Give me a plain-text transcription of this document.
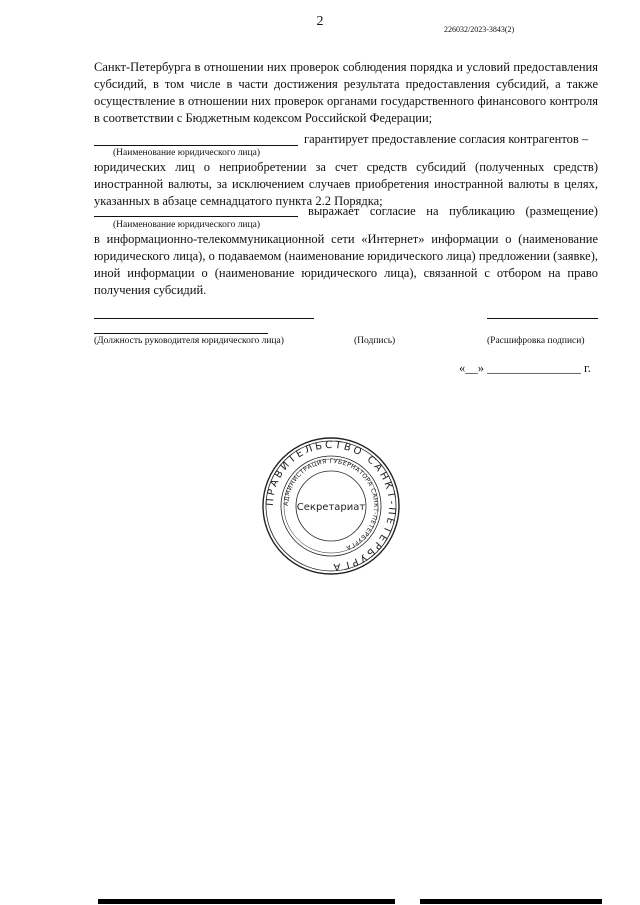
2
226032/2023-3843(2)

Санкт-Петербурга в отношении них проверок соблюдения порядка и условий предоставления субсидий, в том числе в части достижения результата предоставления субсидий, а также осуществление в отношении них проверок органами государственного финансового контроля в соответствии с Бюджетным кодексом Российской Федерации;

гарантирует предоставление согласия контрагентов –
(Наименование юридического лица)

юридических лиц о неприобретении за счет средств субсидий (полученных средств) иностранной валюты, за исключением случаев приобретения иностранной валюты в целях, указанных в абзаце семнадцатого пункта 2.2 Порядка;

выражает согласие на публикацию (размещение)
(Наименование юридического лица)

в информационно-телекоммуникационной сети «Интернет» информации о (наименование юридического лица), о подаваемом (наименование юридического лица) предложении (заявке), иной информации о (наименование юридического лица), связанной с отбором на право получения субсидий.

(Должность руководителя юридического лица)	(Подпись)	(Расшифровка подписи)
«__» _______________ г.
ПРАВИТЕЛЬСТВО САНКТ-ПЕТЕРБУРГА
АДМИНИСТРАЦИЯ ГУБЕРНАТОРА САНКТ-ПЕТЕРБУРГА
Секретариат
